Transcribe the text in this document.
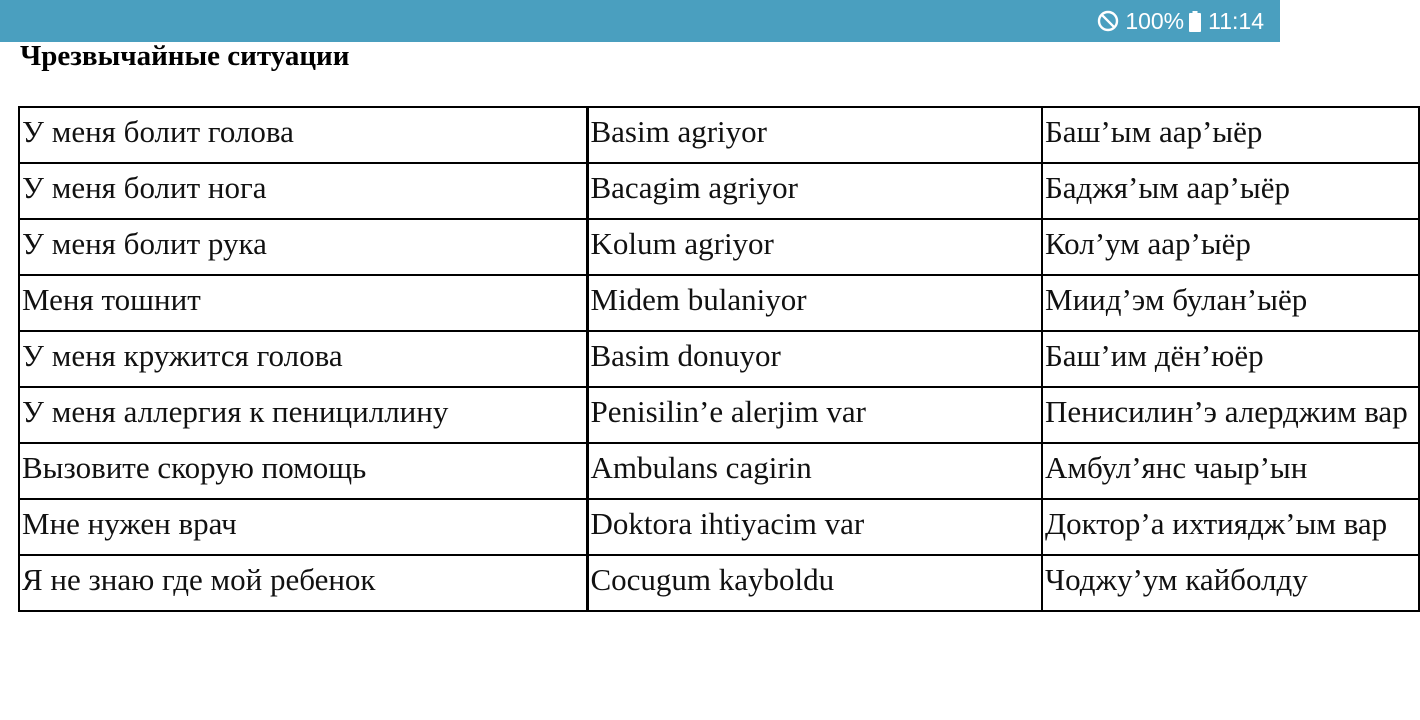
100% 11:14
Чрезвычайные ситуации
У меня болит голова	Basim agriyor	Баш’ым аар’ыёр
У меня болит нога	Bacagim agriyor	Баджя’ым аар’ыёр
У меня болит рука	Kolum agriyor	Кол’ум аар’ыёр
Меня тошнит	Midem bulaniyor	Миид’эм булан’ыёр
У меня кружится голова	Basim donuyor	Баш’им дён’юёр
У меня аллергия к пенициллину	Penisilin’e alerjim var	Пенисилин’э алерджим вар
Вызовите скорую помощь	Ambulans cagirin	Амбул’янс чаыр’ын
Мне нужен врач	Doktora ihtiyacim var	Доктор’а ихтиядж’ым вар
Я не знаю где мой ребенок	Cocugum kayboldu	Чоджу’ум кайболду
